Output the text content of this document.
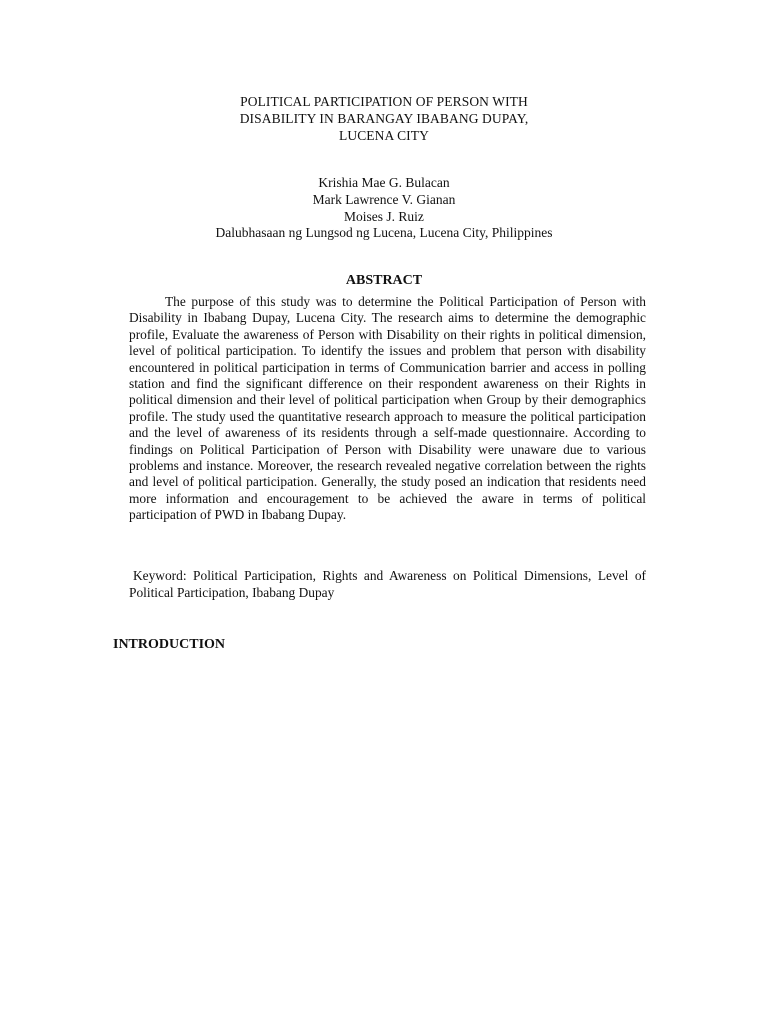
POLITICAL PARTICIPATION OF PERSON WITH
DISABILITY IN BARANGAY IBABANG DUPAY,
LUCENA CITY
Krishia Mae G. Bulacan
Mark Lawrence V. Gianan
Moises J. Ruiz
Dalubhasaan ng Lungsod ng Lucena, Lucena City, Philippines
ABSTRACT

The purpose of this study was to determine the Political Participation of Person with Disability in Ibabang Dupay, Lucena City. The research aims to determine the demographic profile, Evaluate the awareness of Person with Disability on their rights in political dimension, level of political participation. To identify the issues and problem that person with disability encountered in political participation in terms of Communication barrier and access in polling station and find the significant difference on their respondent awareness on their Rights in political dimension and their level of political participation when Group by their demographics profile. The study used the quantitative research approach to measure the political participation and the level of awareness of its residents through a self-made questionnaire. According to findings on Political Participation of Person with Disability were unaware due to various problems and instance. Moreover, the research revealed negative correlation between the rights and level of political participation. Generally, the study posed an indication that residents need more information and encouragement to be achieved the aware in terms of political participation of PWD in Ibabang Dupay.

Keyword: Political Participation, Rights and Awareness on Political Dimensions, Level of Political Participation, Ibabang Dupay

INTRODUCTION
